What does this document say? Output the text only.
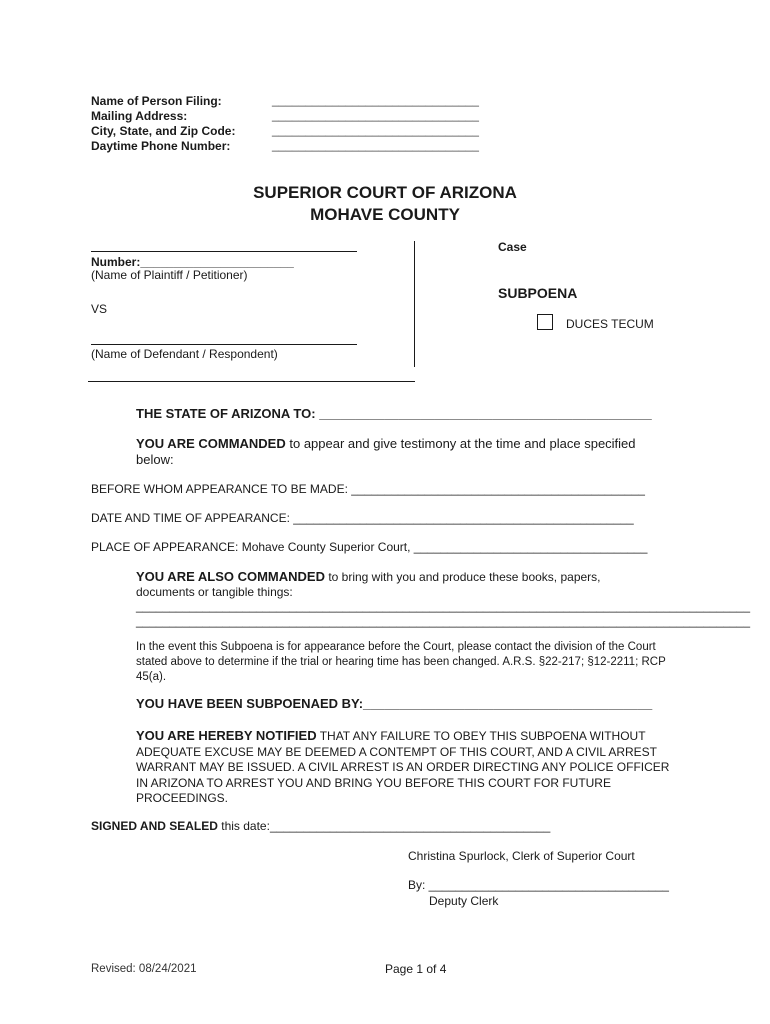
Name of Person Filing:
Mailing Address:
City, State, and Zip Code:
Daytime Phone Number:
_______________________________
_______________________________
_______________________________
_______________________________
SUPERIOR COURT OF ARIZONA
MOHAVE COUNTY
Number:_______________________
(Name of Plaintiff / Petitioner)
VS
(Name of Defendant / Respondent)
Case
SUBPOENA
DUCES TECUM
THE STATE OF ARIZONA TO: ______________________________________________
YOU ARE COMMANDED to appear and give testimony at the time and place specified below:
BEFORE WHOM APPEARANCE TO BE MADE: ____________________________________________
DATE AND TIME OF APPEARANCE: ___________________________________________________
PLACE OF APPEARANCE: Mohave County Superior Court, ___________________________________
YOU ARE ALSO COMMANDED to bring with you and produce these books, papers, documents or tangible things:
____________________________________________________________________________________________
____________________________________________________________________________________________
In the event this Subpoena is for appearance before the Court, please contact the division of the Court stated above to determine if the trial or hearing time has been changed. A.R.S. §22-217; §12-2211; RCP 45(a).
YOU HAVE BEEN SUBPOENAED BY:________________________________________
YOU ARE HEREBY NOTIFIED THAT ANY FAILURE TO OBEY THIS SUBPOENA WITHOUT ADEQUATE EXCUSE MAY BE DEEMED A CONTEMPT OF THIS COURT, AND A CIVIL ARREST WARRANT MAY BE ISSUED. A CIVIL ARREST IS AN ORDER DIRECTING ANY POLICE OFFICER IN ARIZONA TO ARREST YOU AND BRING YOU BEFORE THIS COURT FOR FUTURE PROCEEDINGS.
SIGNED AND SEALED this date:__________________________________________
Christina Spurlock, Clerk of Superior Court
By: ____________________________________
Deputy Clerk
Revised: 08/24/2021	Page 1 of 4
